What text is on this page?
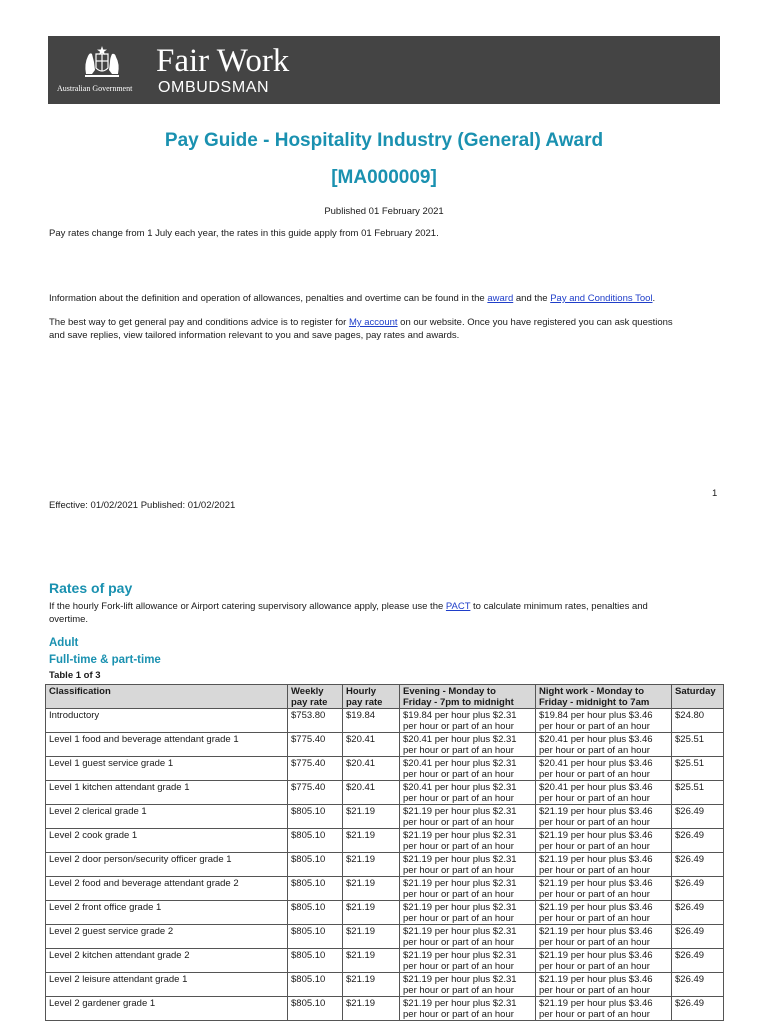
Australian Government
Fair Work
OMBUDSMAN
Pay Guide - Hospitality Industry (General) Award
[MA000009]
Published 01 February 2021
Pay rates change from 1 July each year, the rates in this guide apply from 01 February 2021.
Information about the definition and operation of allowances, penalties and overtime can be found in the award and the Pay and Conditions Tool.
The best way to get general pay and conditions advice is to register for My account on our website. Once you have registered you can ask questions
and save replies, view tailored information relevant to you and save pages, pay rates and awards.
1
Effective: 01/02/2021 Published: 01/02/2021
Rates of pay
If the hourly Fork-lift allowance or Airport catering supervisory allowance apply, please use the PACT to calculate minimum rates, penalties and
overtime.
Adult
Full-time & part-time
Table 1 of 3
Classification	Weekly
pay rate	Hourly
pay rate	Evening - Monday to
Friday - 7pm to midnight	Night work - Monday to
Friday - midnight to 7am	Saturday
Introductory	$753.80	$19.84	$19.84 per hour plus $2.31
per hour or part of an hour	$19.84 per hour plus $3.46
per hour or part of an hour	$24.80
Level 1 food and beverage attendant grade 1	$775.40	$20.41	$20.41 per hour plus $2.31
per hour or part of an hour	$20.41 per hour plus $3.46
per hour or part of an hour	$25.51
Level 1 guest service grade 1	$775.40	$20.41	$20.41 per hour plus $2.31
per hour or part of an hour	$20.41 per hour plus $3.46
per hour or part of an hour	$25.51
Level 1 kitchen attendant grade 1	$775.40	$20.41	$20.41 per hour plus $2.31
per hour or part of an hour	$20.41 per hour plus $3.46
per hour or part of an hour	$25.51
Level 2 clerical grade 1	$805.10	$21.19	$21.19 per hour plus $2.31
per hour or part of an hour	$21.19 per hour plus $3.46
per hour or part of an hour	$26.49
Level 2 cook grade 1	$805.10	$21.19	$21.19 per hour plus $2.31
per hour or part of an hour	$21.19 per hour plus $3.46
per hour or part of an hour	$26.49
Level 2 door person/security officer grade 1	$805.10	$21.19	$21.19 per hour plus $2.31
per hour or part of an hour	$21.19 per hour plus $3.46
per hour or part of an hour	$26.49
Level 2 food and beverage attendant grade 2	$805.10	$21.19	$21.19 per hour plus $2.31
per hour or part of an hour	$21.19 per hour plus $3.46
per hour or part of an hour	$26.49
Level 2 front office grade 1	$805.10	$21.19	$21.19 per hour plus $2.31
per hour or part of an hour	$21.19 per hour plus $3.46
per hour or part of an hour	$26.49
Level 2 guest service grade 2	$805.10	$21.19	$21.19 per hour plus $2.31
per hour or part of an hour	$21.19 per hour plus $3.46
per hour or part of an hour	$26.49
Level 2 kitchen attendant grade 2	$805.10	$21.19	$21.19 per hour plus $2.31
per hour or part of an hour	$21.19 per hour plus $3.46
per hour or part of an hour	$26.49
Level 2 leisure attendant grade 1	$805.10	$21.19	$21.19 per hour plus $2.31
per hour or part of an hour	$21.19 per hour plus $3.46
per hour or part of an hour	$26.49
Level 2 gardener grade 1	$805.10	$21.19	$21.19 per hour plus $2.31
per hour or part of an hour	$21.19 per hour plus $3.46
per hour or part of an hour	$26.49
